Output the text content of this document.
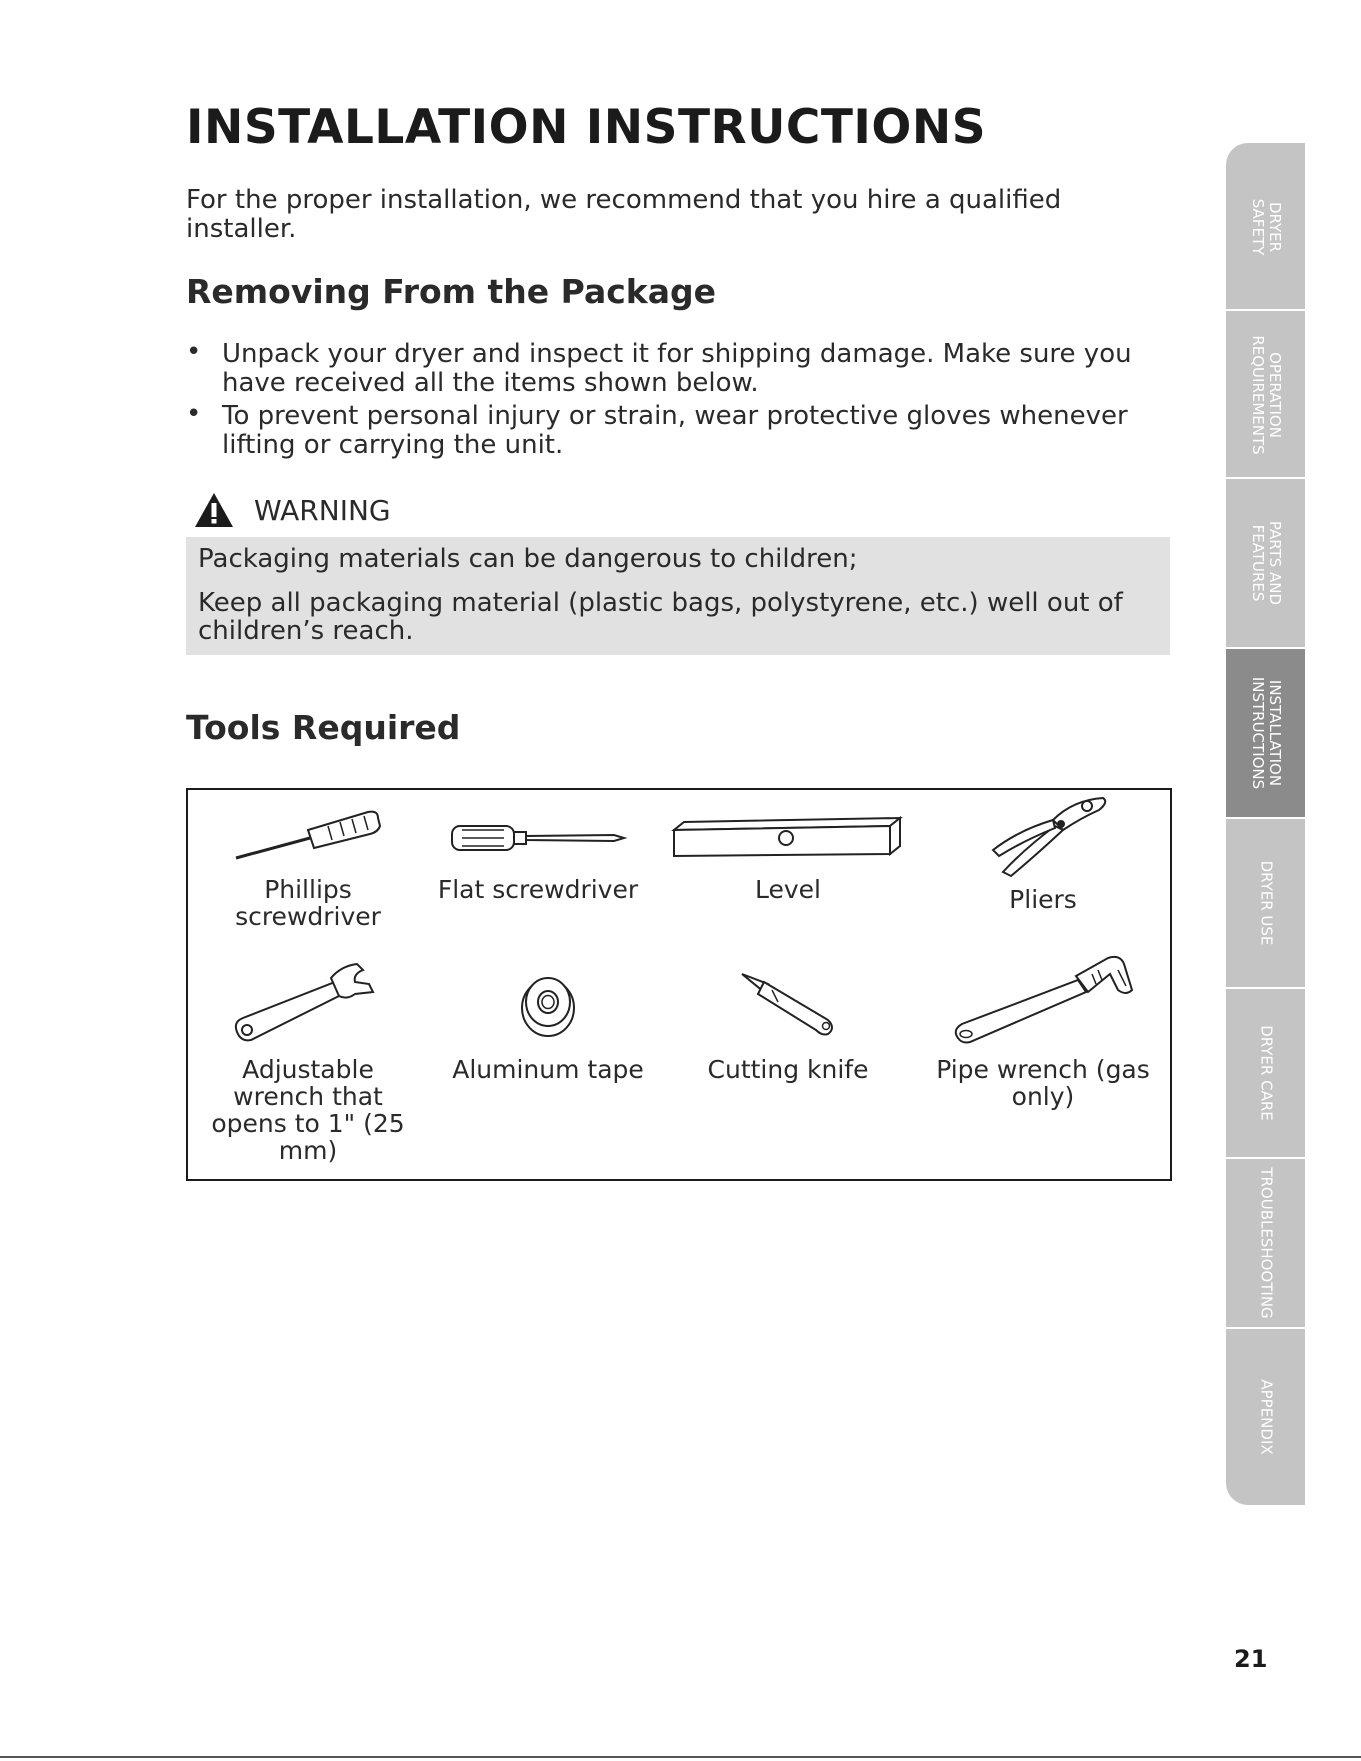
INSTALLATION INSTRUCTIONS

For the proper installation, we recommend that you hire a qualified installer.

Removing From the Package
• Unpack your dryer and inspect it for shipping damage. Make sure you have received all the items shown below.
• To prevent personal injury or strain, wear protective gloves whenever lifting or carrying the unit.
WARNING

Packaging materials can be dangerous to children;

Keep all packaging material (plastic bags, polystyrene, etc.) well out of children’s reach.

Tools Required
Phillips screwdriver
Flat screwdriver	Level	Pliers
Adjustable wrench that opens to 1" (25 mm)
Aluminum tape	Cutting knife	Pipe wrench (gas only)
DRYER
SAFETY
OPERATION
REQUIREMENTS
PARTS AND
FEATURES
INSTALLATION
INSTRUCTIONS
DRYER USE
DRYER CARE
TROUBLESHOOTING
APPENDIX
21
